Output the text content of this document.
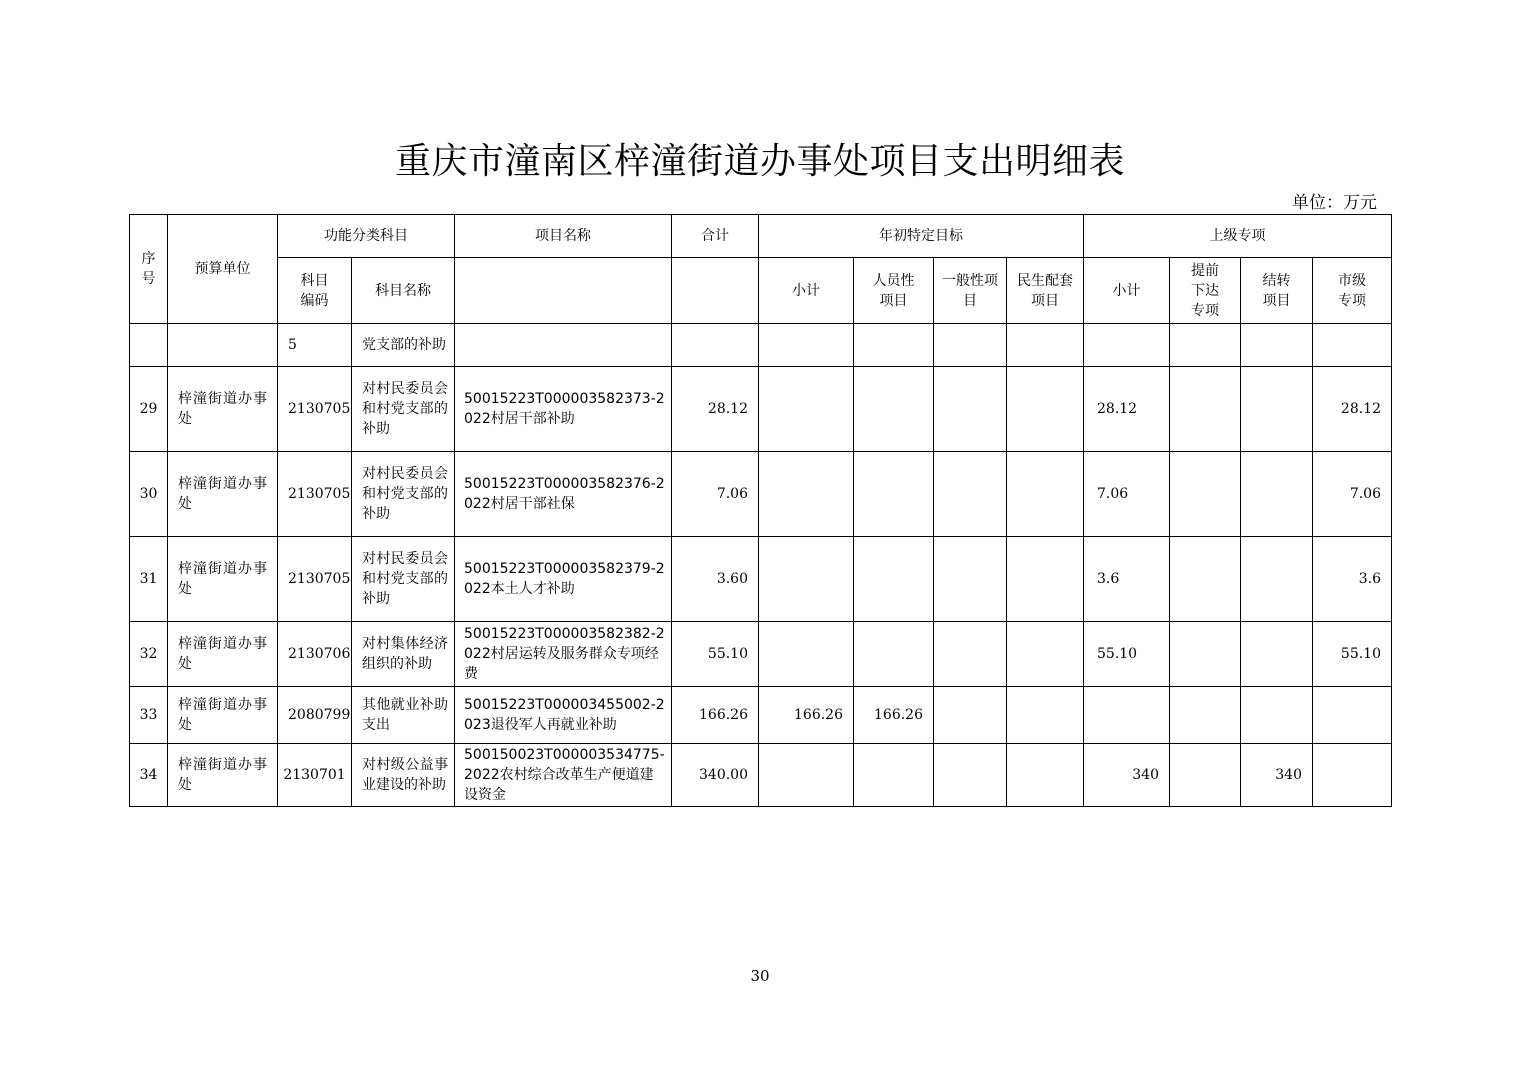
重庆市潼南区梓潼街道办事处项目支出明细表
单位：万元
序号	预算单位	功能分类科目		项目名称	合计	年初特定目标				上级专项			
		科目编码	科目名称			小计	人员性项目	一般性项目	民生配套项目	小计	提前下达专项	结转项目	市级专项
		5	党支部的补助										
29	梓潼街道办事处	2130705	对村民委员会和村党支部的补助	50015223T000003582373-2022村居干部补助	28.12					28.12			28.12
30	梓潼街道办事处	2130705	对村民委员会和村党支部的补助	50015223T000003582376-2022村居干部社保	7.06					7.06			7.06
31	梓潼街道办事处	2130705	对村民委员会和村党支部的补助	50015223T000003582379-2022本土人才补助	3.60					3.6			3.6
32	梓潼街道办事处	2130706	对村集体经济组织的补助	50015223T000003582382-2022村居运转及服务群众专项经费	55.10					55.10			55.10
33	梓潼街道办事处	2080799	其他就业补助支出	50015223T000003455002-2023退役军人再就业补助	166.26	166.26	166.26						
34	梓潼街道办事处	2130701	对村级公益事业建设的补助	500150023T000003534775-2022农村综合改革生产便道建设资金	340.00					340		340	
30
